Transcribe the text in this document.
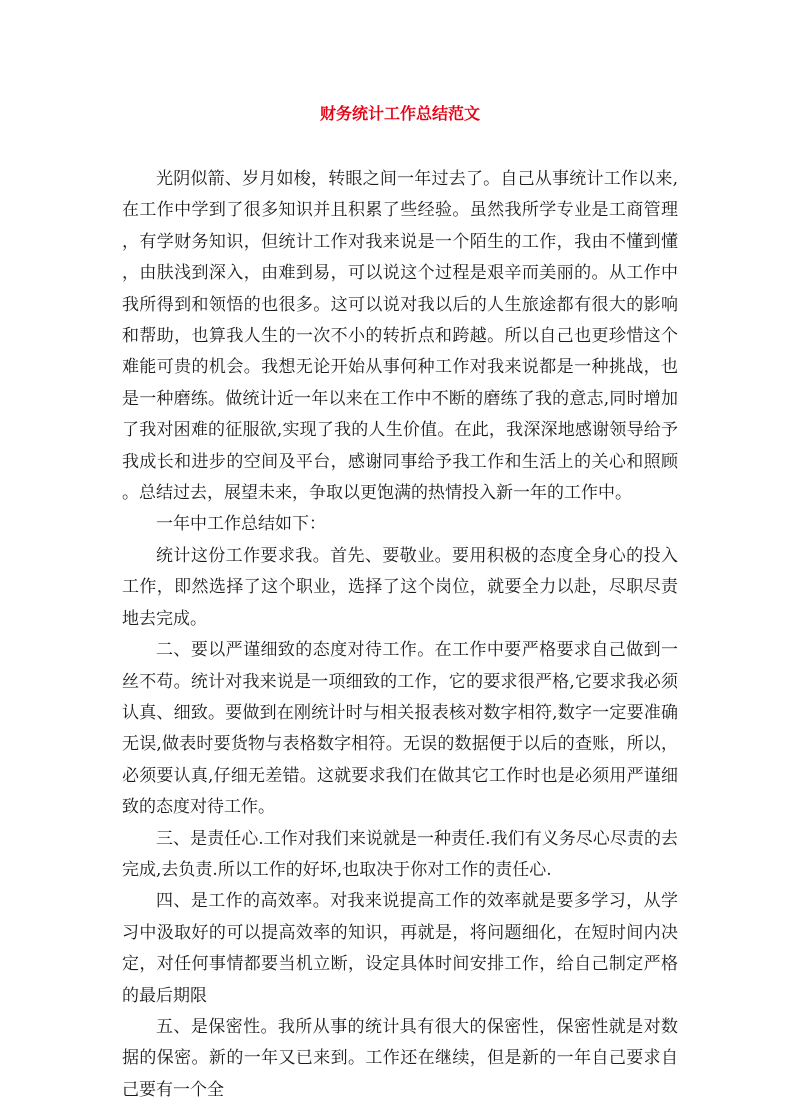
财务统计工作总结范文

光阴似箭、岁月如梭，转眼之间一年过去了。自己从事统计工作以来,在工作中学到了很多知识并且积累了些经验。虽然我所学专业是工商管理，有学财务知识，但统计工作对我来说是一个陌生的工作，我由不懂到懂，由肤浅到深入，由难到易，可以说这个过程是艰辛而美丽的。从工作中我所得到和领悟的也很多。这可以说对我以后的人生旅途都有很大的影响和帮助，也算我人生的一次不小的转折点和跨越。所以自己也更珍惜这个难能可贵的机会。我想无论开始从事何种工作对我来说都是一种挑战，也是一种磨练。做统计近一年以来在工作中不断的磨练了我的意志,同时增加了我对困难的征服欲,实现了我的人生价值。在此，我深深地感谢领导给予我成长和进步的空间及平台，感谢同事给予我工作和生活上的关心和照顾。总结过去，展望未来，争取以更饱满的热情投入新一年的工作中。

一年中工作总结如下：

统计这份工作要求我。首先、要敬业。要用积极的态度全身心的投入工作，即然选择了这个职业，选择了这个岗位，就要全力以赴，尽职尽责地去完成。

二、要以严谨细致的态度对待工作。在工作中要严格要求自己做到一丝不苟。统计对我来说是一项细致的工作，它的要求很严格,它要求我必须认真、细致。要做到在刚统计时与相关报表核对数字相符,数字一定要准确无误,做表时要货物与表格数字相符。无误的数据便于以后的查账，所以，必须要认真,仔细无差错。这就要求我们在做其它工作时也是必须用严谨细致的态度对待工作。

三、是责任心.工作对我们来说就是一种责任.我们有义务尽心尽责的去完成,去负责.所以工作的好坏,也取决于你对工作的责任心.

四、是工作的高效率。对我来说提高工作的效率就是要多学习，从学习中汲取好的可以提高效率的知识，再就是，将问题细化，在短时间内决定，对任何事情都要当机立断，设定具体时间安排工作，给自己制定严格的最后期限

五、是保密性。我所从事的统计具有很大的保密性，保密性就是对数据的保密。新的一年又已来到。工作还在继续，但是新的一年自己要求自己要有一个全
